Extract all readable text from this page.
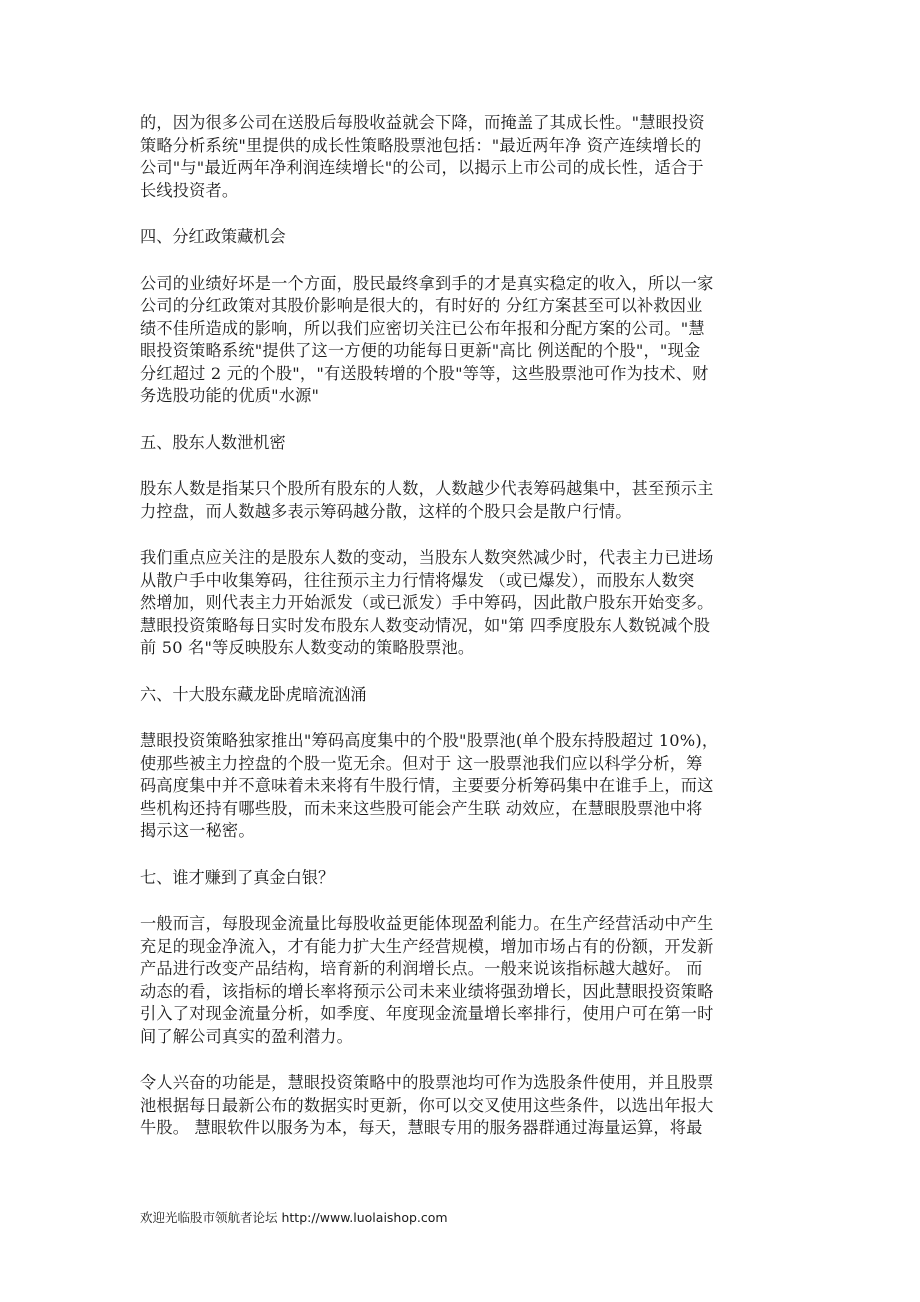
的，因为很多公司在送股后每股收益就会下降，而掩盖了其成长性。"慧眼投资
策略分析系统"里提供的成长性策略股票池包括："最近两年净 资产连续增长的
公司"与"最近两年净利润连续增长"的公司，以揭示上市公司的成长性，适合于
长线投资者。
四、分红政策藏机会
公司的业绩好坏是一个方面，股民最终拿到手的才是真实稳定的收入，所以一家
公司的分红政策对其股价影响是很大的，有时好的 分红方案甚至可以补救因业
绩不佳所造成的影响，所以我们应密切关注已公布年报和分配方案的公司。"慧
眼投资策略系统"提供了这一方便的功能每日更新"高比 例送配的个股"，"现金
分红超过 2 元的个股"，"有送股转增的个股"等等，这些股票池可作为技术、财
务选股功能的优质"水源"
五、股东人数泄机密
股东人数是指某只个股所有股东的人数，人数越少代表筹码越集中，甚至预示主
力控盘，而人数越多表示筹码越分散，这样的个股只会是散户行情。
我们重点应关注的是股东人数的变动，当股东人数突然减少时，代表主力已进场
从散户手中收集筹码，往往预示主力行情将爆发 （或已爆发），而股东人数突
然增加，则代表主力开始派发（或已派发）手中筹码，因此散户股东开始变多。
慧眼投资策略每日实时发布股东人数变动情况，如"第 四季度股东人数锐减个股
前 50 名"等反映股东人数变动的策略股票池。
六、十大股东藏龙卧虎暗流汹涌
慧眼投资策略独家推出"筹码高度集中的个股"股票池(单个股东持股超过 10%)，
使那些被主力控盘的个股一览无余。但对于 这一股票池我们应以科学分析，筹
码高度集中并不意味着未来将有牛股行情，主要要分析筹码集中在谁手上，而这
些机构还持有哪些股，而未来这些股可能会产生联 动效应，在慧眼股票池中将
揭示这一秘密。
七、谁才赚到了真金白银？
一般而言，每股现金流量比每股收益更能体现盈利能力。在生产经营活动中产生
充足的现金净流入，才有能力扩大生产经营规模，增加市场占有的份额，开发新
产品进行改变产品结构，培育新的利润增长点。一般来说该指标越大越好。 而
动态的看，该指标的增长率将预示公司未来业绩将强劲增长，因此慧眼投资策略
引入了对现金流量分析，如季度、年度现金流量增长率排行，使用户可在第一时
间了解公司真实的盈利潜力。
令人兴奋的功能是，慧眼投资策略中的股票池均可作为选股条件使用，并且股票
池根据每日最新公布的数据实时更新，你可以交叉使用这些条件，以选出年报大
牛股。 慧眼软件以服务为本，每天，慧眼专用的服务器群通过海量运算，将最
欢迎光临股市领航者论坛 http://www.luolaishop.com
